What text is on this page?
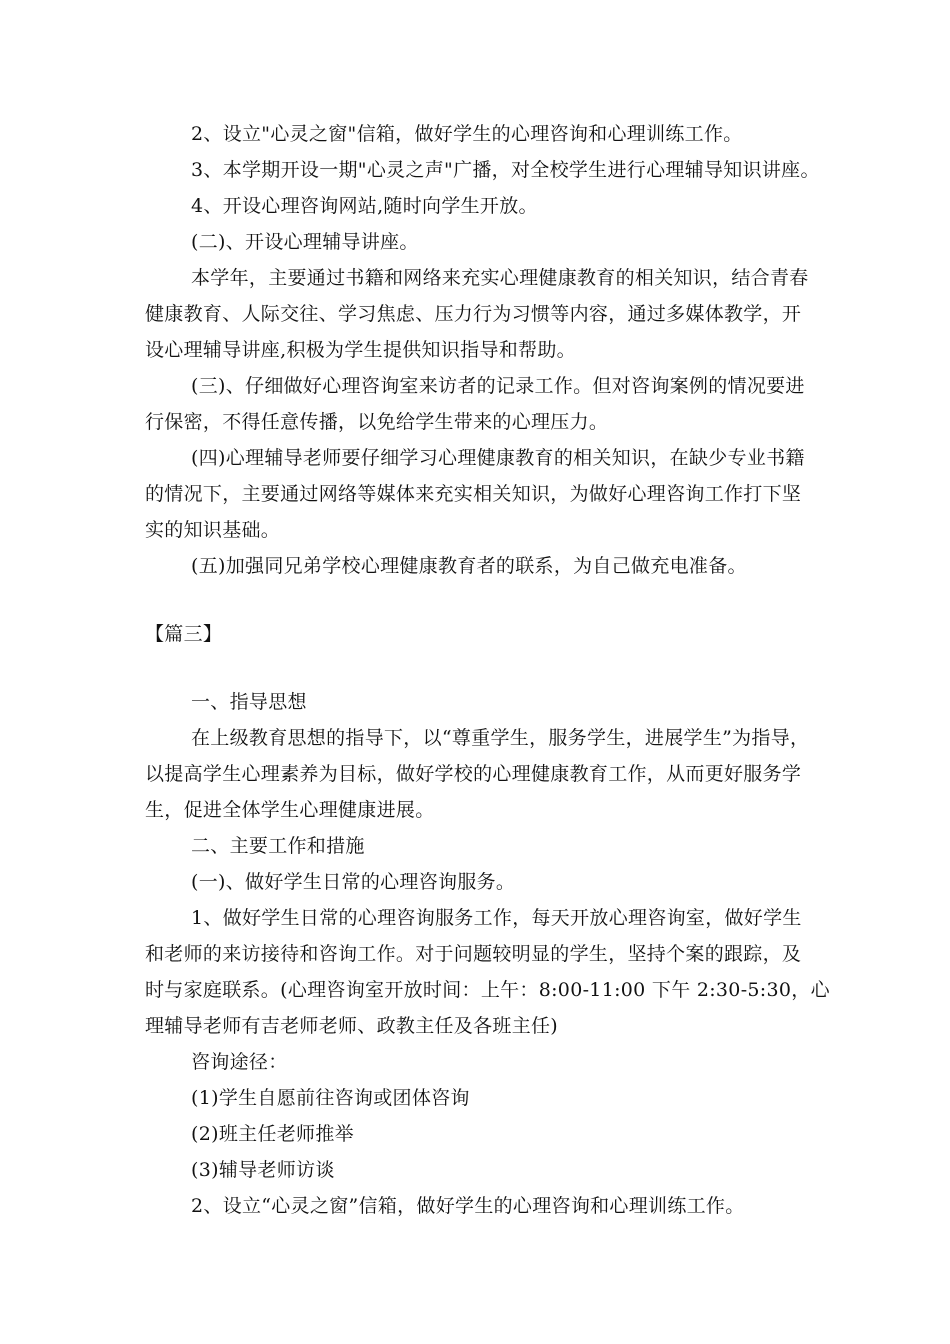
2、设立"心灵之窗"信箱，做好学生的心理咨询和心理训练工作。
3、本学期开设一期"心灵之声"广播，对全校学生进行心理辅导知识讲座。
4、开设心理咨询网站,随时向学生开放。
(二)、开设心理辅导讲座。
本学年，主要通过书籍和网络来充实心理健康教育的相关知识，结合青春
健康教育、人际交往、学习焦虑、压力行为习惯等内容，通过多媒体教学，开
设心理辅导讲座,积极为学生提供知识指导和帮助。
(三)、仔细做好心理咨询室来访者的记录工作。但对咨询案例的情况要进
行保密，不得任意传播，以免给学生带来的心理压力。
(四)心理辅导老师要仔细学习心理健康教育的相关知识，在缺少专业书籍
的情况下，主要通过网络等媒体来充实相关知识，为做好心理咨询工作打下坚
实的知识基础。
(五)加强同兄弟学校心理健康教育者的联系，为自己做充电准备。
【篇三】
一、指导思想
在上级教育思想的指导下，以“尊重学生，服务学生，进展学生”为指导，
以提高学生心理素养为目标，做好学校的心理健康教育工作，从而更好服务学
生，促进全体学生心理健康进展。
二、主要工作和措施
(一)、做好学生日常的心理咨询服务。
1、做好学生日常的心理咨询服务工作，每天开放心理咨询室，做好学生
和老师的来访接待和咨询工作。对于问题较明显的学生，坚持个案的跟踪，及
时与家庭联系。(心理咨询室开放时间：上午：8:00-11:00 下午 2:30-5:30，心
理辅导老师有吉老师老师、政教主任及各班主任)
咨询途径：
(1)学生自愿前往咨询或团体咨询
(2)班主任老师推举
(3)辅导老师访谈
2、设立“心灵之窗”信箱，做好学生的心理咨询和心理训练工作。
